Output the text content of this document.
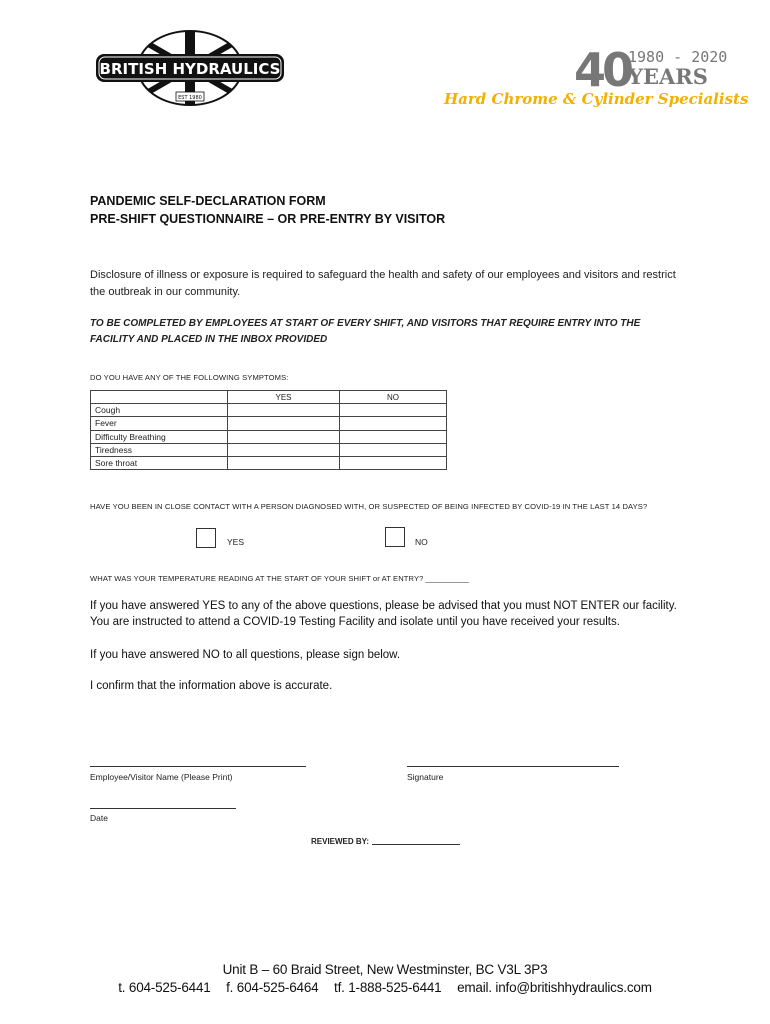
BRITISH HYDRAULICS
EST 1980
40
1980 - 2020
YEARS
Hard Chrome & Cylinder Specialists
PANDEMIC SELF-DECLARATION FORM
PRE-SHIFT QUESTIONNAIRE – OR PRE-ENTRY BY VISITOR
Disclosure of illness or exposure is required to safeguard the health and safety of our employees and visitors and restrict the outbreak in our community.
TO BE COMPLETED BY EMPLOYEES AT START OF EVERY SHIFT, AND VISITORS THAT REQUIRE ENTRY INTO THE FACILITY AND PLACED IN THE INBOX PROVIDED
DO YOU HAVE ANY OF THE FOLLOWING SYMPTOMS:
	YES	NO
Cough		
Fever		
Difficulty Breathing		
Tiredness		
Sore throat		
HAVE YOU BEEN IN CLOSE CONTACT WITH A PERSON DIAGNOSED WITH, OR SUSPECTED OF BEING INFECTED BY COVID-19 IN THE LAST 14 DAYS?
YES	NO
WHAT WAS YOUR TEMPERATURE READING AT THE START OF YOUR SHIFT or AT ENTRY? __________
If you have answered YES to any of the above questions, please be advised that you must NOT ENTER our facility. You are instructed to attend a COVID-19 Testing Facility and isolate until you have received your results.
If you have answered NO to all questions, please sign below.
I confirm that the information above is accurate.
Employee/Visitor Name (Please Print)	Signature
Date
REVIEWED BY:
Unit B – 60 Braid Street, New Westminster, BC V3L 3P3
t. 604-525-6441 f. 604-525-6464 tf. 1-888-525-6441 email. info@britishhydraulics.com
